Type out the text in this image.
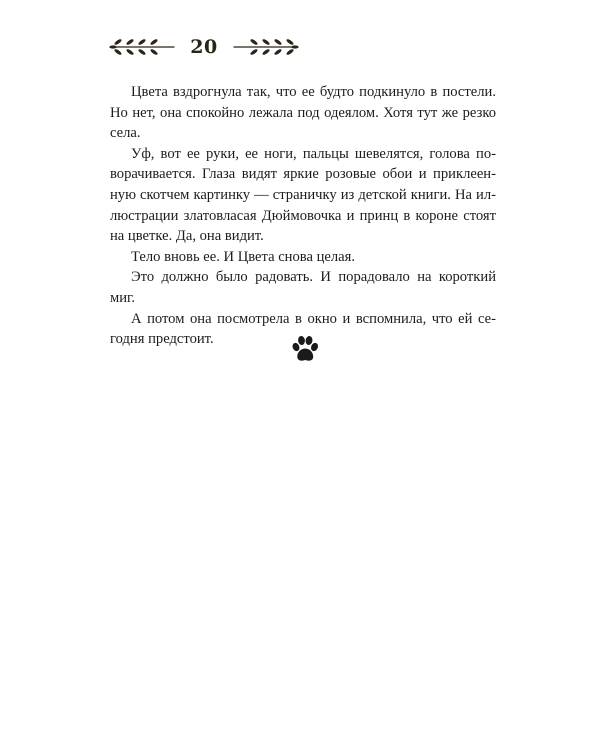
20

Цвета вздрогнула так, что ее будто подкинуло в постели. Но нет, она спокойно лежала под одеялом. Хотя тут же резко села.

Уф, вот ее руки, ее ноги, пальцы шевелятся, голова поворачивается. Глаза видят яркие розовые обои и приклеенную скотчем картинку — страничку из детской книги. На иллюстрации златовласая Дюймовочка и принц в короне стоят на цветке. Да, она видит.

Тело вновь ее. И Цвета снова целая.

Это должно было радовать. И порадовало на короткий миг.

А потом она посмотрела в окно и вспомнила, что ей сегодня предстоит.
